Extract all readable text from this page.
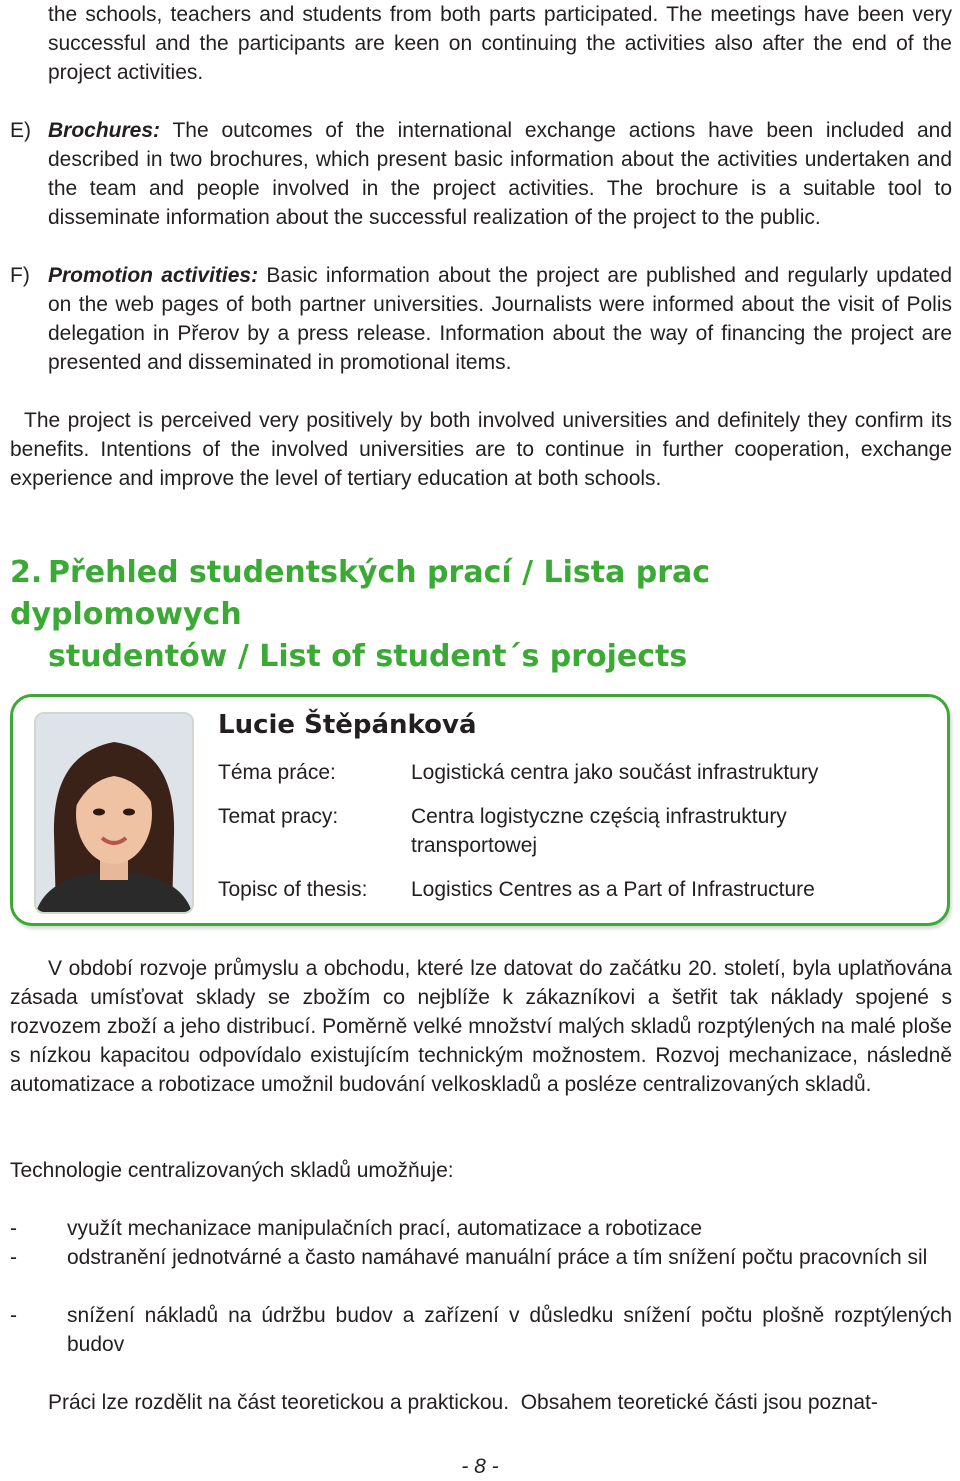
the schools, teachers and students from both parts participated. The meetings have been very successful and the participants are keen on continuing the activities also after the end of the project activities.

E) Brochures: The outcomes of the international exchange actions have been included and described in two brochures, which present basic information about the activities undertaken and the team and people involved in the project activities. The brochure is a suitable tool to disseminate information about the successful realization of the project to the public.

F) Promotion activities: Basic information about the project are published and regularly updated on the web pages of both partner universities. Journalists were informed about the visit of Polis delegation in Přerov by a press release. Information about the way of financing the project are presented and disseminated in promotional items.

The project is perceived very positively by both involved universities and definitely they confirm its benefits. Intentions of the involved universities are to continue in further cooperation, exchange experience and improve the level of tertiary education at both schools.

2. Přehled studentských prací / Lista prac dyplomowych
studentów / List of student´s projects
Lucie Štěpánková
Téma práce:	Logistická centra jako součást infrastruktury
Temat pracy:	Centra logistyczne częścią infrastruktury transportowej
Topisc of thesis: Logistics Centres as a Part of Infrastructure

V období rozvoje průmyslu a obchodu, které lze datovat do začátku 20. století, byla uplatňována zásada umísťovat sklady se zbožím co nejblíže k zákazníkovi a šetřit tak náklady spojené s rozvozem zboží a jeho distribucí. Poměrně velké množství malých skladů rozptýlených na malé ploše s nízkou kapacitou odpovídalo existujícím technickým možnostem. Rozvoj mechanizace, následně automatizace a robotizace umožnil budování velkoskladů a posléze centralizovaných skladů.

Technologie centralizovaných skladů umožňuje:

- využít mechanizace manipulačních prací, automatizace a robotizace

- odstranění jednotvárné a často namáhavé manuální práce a tím snížení počtu pracovních sil

- snížení nákladů na údržbu budov a zařízení v důsledku snížení počtu plošně rozptýlených budov

Práci lze rozdělit na část teoretickou a praktickou.  Obsahem teoretické části jsou poznat-

- 8 -
